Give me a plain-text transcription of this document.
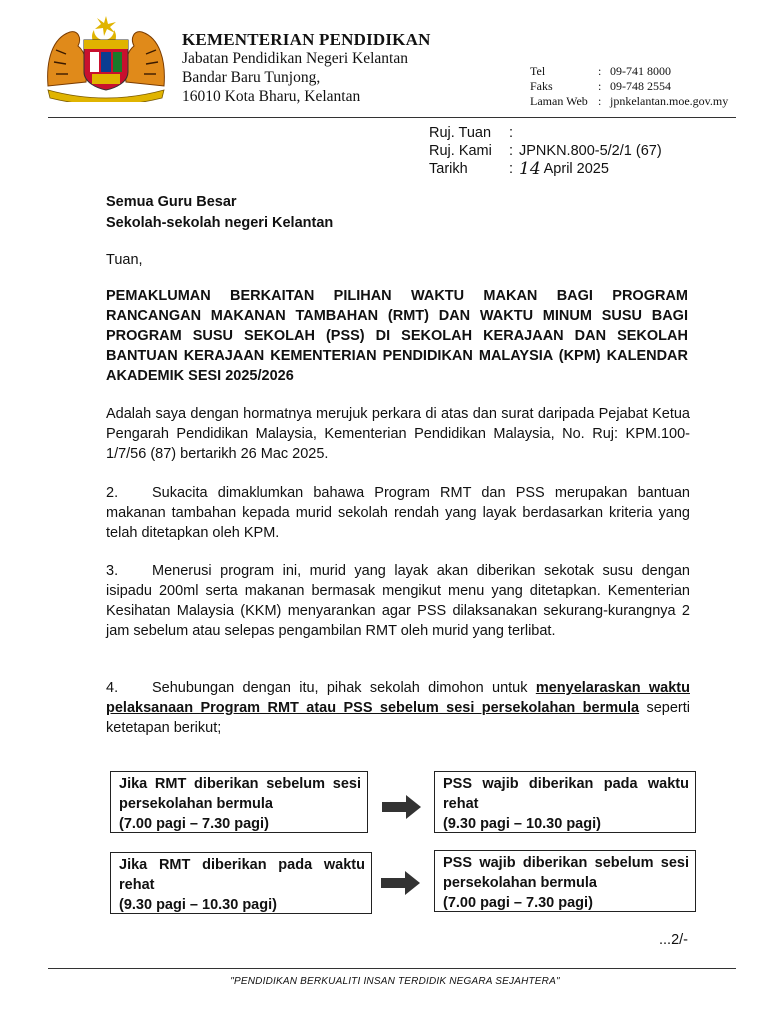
KEMENTERIAN PENDIDIKAN
Jabatan Pendidikan Negeri Kelantan
Bandar Baru Tunjong,
16010 Kota Bharu, Kelantan
Tel	: 09-741 8000
Faks	: 09-748 2554
Laman Web : jpnkelantan.moe.gov.my
Ruj. Tuan	:
Ruj. Kami	: JPNKN.800-5/2/1 (67)
Tarikh	: 14 April 2025
Semua Guru Besar
Sekolah-sekolah negeri Kelantan
Tuan,
PEMAKLUMAN BERKAITAN PILIHAN WAKTU MAKAN BAGI PROGRAM RANCANGAN MAKANAN TAMBAHAN (RMT) DAN WAKTU MINUM SUSU BAGI PROGRAM SUSU SEKOLAH (PSS) DI SEKOLAH KERAJAAN DAN SEKOLAH BANTUAN KERAJAAN KEMENTERIAN PENDIDIKAN MALAYSIA (KPM) KALENDAR AKADEMIK SESI 2025/2026
Adalah saya dengan hormatnya merujuk perkara di atas dan surat daripada Pejabat Ketua Pengarah Pendidikan Malaysia, Kementerian Pendidikan Malaysia, No. Ruj: KPM.100-1/7/56 (87) bertarikh 26 Mac 2025.
2. Sukacita dimaklumkan bahawa Program RMT dan PSS merupakan bantuan makanan tambahan kepada murid sekolah rendah yang layak berdasarkan kriteria yang telah ditetapkan oleh KPM.
3. Menerusi program ini, murid yang layak akan diberikan sekotak susu dengan isipadu 200ml serta makanan bermasak mengikut menu yang ditetapkan. Kementerian Kesihatan Malaysia (KKM) menyarankan agar PSS dilaksanakan sekurang-kurangnya 2 jam sebelum atau selepas pengambilan RMT oleh murid yang terlibat.
4. Sehubungan dengan itu, pihak sekolah dimohon untuk menyelaraskan waktu pelaksanaan Program RMT atau PSS sebelum sesi persekolahan bermula seperti ketetapan berikut;
Jika RMT diberikan sebelum sesi persekolahan bermula
(7.00 pagi – 7.30 pagi)
PSS wajib diberikan pada waktu rehat
(9.30 pagi – 10.30 pagi)
Jika RMT diberikan pada waktu rehat
(9.30 pagi – 10.30 pagi)
PSS wajib diberikan sebelum sesi persekolahan bermula
(7.00 pagi – 7.30 pagi)
...2/-
"PENDIDIKAN BERKUALITI INSAN TERDIDIK NEGARA SEJAHTERA"
